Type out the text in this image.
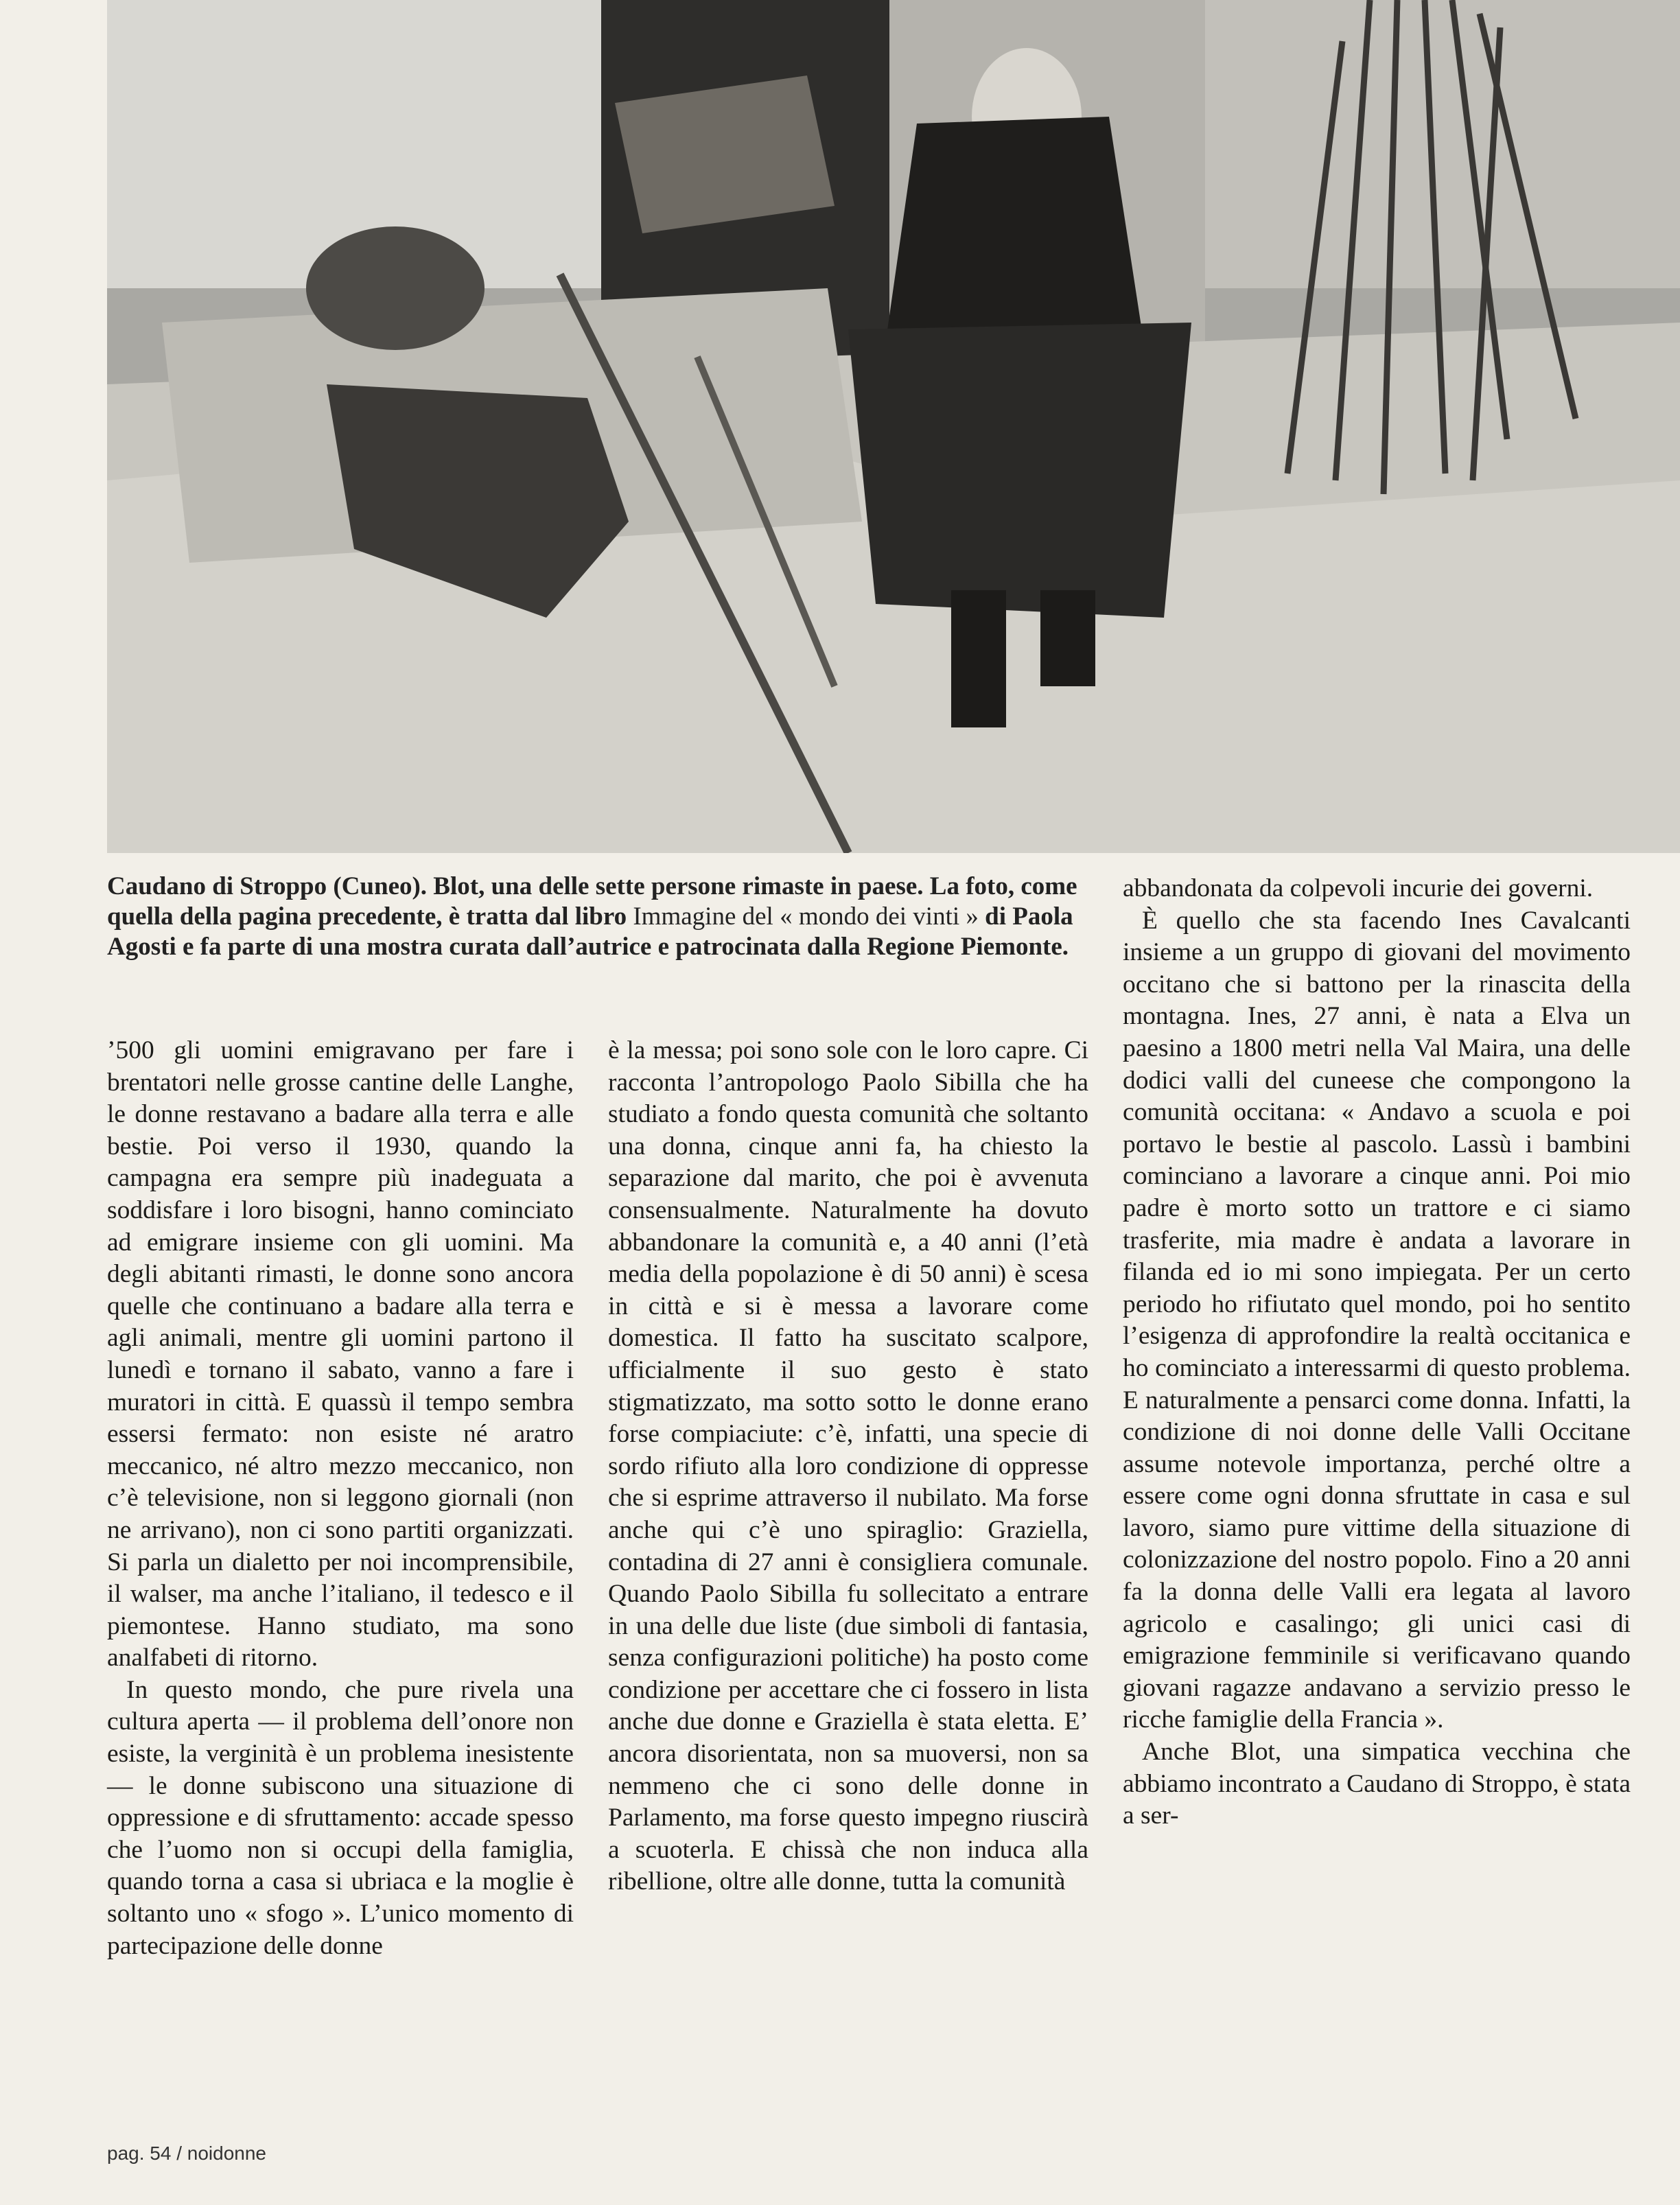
Caudano di Stroppo (Cuneo). Blot, una delle sette persone rimaste in paese. La foto, come quella della pagina precedente, è tratta dal libro Immagine del « mondo dei vinti » di Paola Agosti e fa parte di una mostra curata dall’autrice e patrocinata dalla Regione Piemonte.

’500 gli uomini emigravano per fare i brentatori nelle grosse cantine delle Langhe, le donne restavano a badare alla terra e alle bestie. Poi verso il 1930, quando la campagna era sempre più inadeguata a soddisfare i loro bisogni, hanno cominciato ad emigrare insieme con gli uomini. Ma degli abitanti rimasti, le donne sono ancora quelle che continuano a badare alla terra e agli animali, mentre gli uomini partono il lunedì e tornano il sabato, vanno a fare i muratori in città. E quassù il tempo sembra essersi fermato: non esiste né aratro meccanico, né altro mezzo meccanico, non c’è televisione, non si leggono giornali (non ne arrivano), non ci sono partiti organizzati. Si parla un dialetto per noi incomprensibile, il walser, ma anche l’italiano, il tedesco e il piemontese. Hanno studiato, ma sono analfabeti di ritorno.

In questo mondo, che pure rivela una cultura aperta — il problema dell’onore non esiste, la verginità è un problema inesistente — le donne subiscono una situazione di oppressione e di sfruttamento: accade spesso che l’uomo non si occupi della famiglia, quando torna a casa si ubriaca e la moglie è soltanto uno « sfogo ». L’unico momento di partecipazione delle donne

è la messa; poi sono sole con le loro capre. Ci racconta l’antropologo Paolo Sibilla che ha studiato a fondo questa comunità che soltanto una donna, cinque anni fa, ha chiesto la separazione dal marito, che poi è avvenuta consensualmente. Naturalmente ha dovuto abbandonare la comunità e, a 40 anni (l’età media della popolazione è di 50 anni) è scesa in città e si è messa a lavorare come domestica. Il fatto ha suscitato scalpore, ufficialmente il suo gesto è stato stigmatizzato, ma sotto sotto le donne erano forse compiaciute: c’è, infatti, una specie di sordo rifiuto alla loro condizione di oppresse che si esprime attraverso il nubilato. Ma forse anche qui c’è uno spiraglio: Graziella, contadina di 27 anni è consigliera comunale. Quando Paolo Sibilla fu sollecitato a entrare in una delle due liste (due simboli di fantasia, senza configurazioni politiche) ha posto come condizione per accettare che ci fossero in lista anche due donne e Graziella è stata eletta. E’ ancora disorientata, non sa muoversi, non sa nemmeno che ci sono delle donne in Parlamento, ma forse questo impegno riuscirà a scuoterla. E chissà che non induca alla ribellione, oltre alle donne, tutta la comunità

abbandonata da colpevoli incurie dei governi.

È quello che sta facendo Ines Cavalcanti insieme a un gruppo di giovani del movimento occitano che si battono per la rinascita della montagna. Ines, 27 anni, è nata a Elva un paesino a 1800 metri nella Val Maira, una delle dodici valli del cuneese che compongono la comunità occitana: « Andavo a scuola e poi portavo le bestie al pascolo. Lassù i bambini cominciano a lavorare a cinque anni. Poi mio padre è morto sotto un trattore e ci siamo trasferite, mia madre è andata a lavorare in filanda ed io mi sono impiegata. Per un certo periodo ho rifiutato quel mondo, poi ho sentito l’esigenza di approfondire la realtà occitanica e ho cominciato a interessarmi di questo problema. E naturalmente a pensarci come donna. Infatti, la condizione di noi donne delle Valli Occitane assume notevole importanza, perché oltre a essere come ogni donna sfruttate in casa e sul lavoro, siamo pure vittime della situazione di colonizzazione del nostro popolo. Fino a 20 anni fa la donna delle Valli era legata al lavoro agricolo e casalingo; gli unici casi di emigrazione femminile si verificavano quando giovani ragazze andavano a servizio presso le ricche famiglie della Francia ».

Anche Blot, una simpatica vecchina che abbiamo incontrato a Caudano di Stroppo, è stata a ser-

pag. 54 / noidonne
